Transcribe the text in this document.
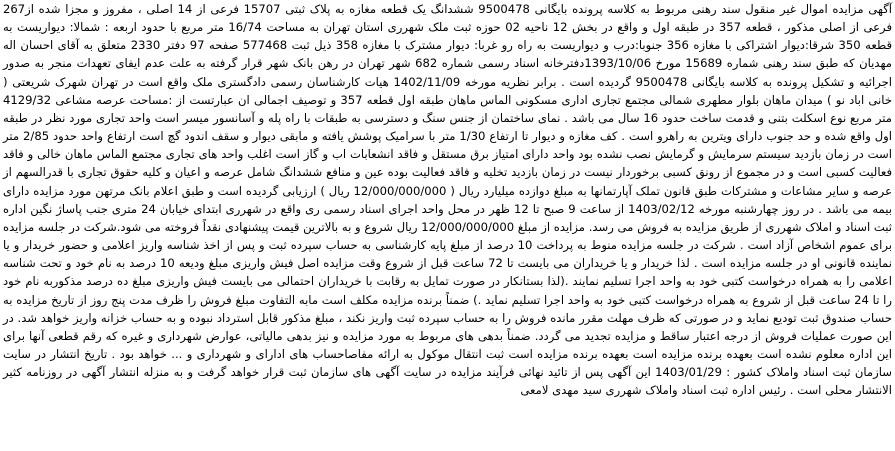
آگهی مزایده اموال غیر منقول سند رهنی مربوط به کلاسه پرونده بایگانی 9500478 ششدانگ یک قطعه مغازه به پلاک ثبتی 15707 فرعی از 14 اصلی ، مفروز و مجزا شده از267 فرعی از اصلی مذکور ، قطعه 357 در طبقه اول و واقع در بخش 12 ناحیه 02 حوزه ثبت ملک شهرری استان تهران به مساحت 16/74 متر مربع با حدود اربعه : شمالا: دیواریست به قطعه 350 شرقا:دیوار اشتراکی با مغازه 356 جنوبا:درب و دیواریست به راه رو غربا: دیوار مشترک با مغازه 358 ذیل ثبت 577468 صفحه 97 دفتر 2330 متعلق به آقای احسان اله مهدیان که طبق سند رهنی شماره 15689 مورخ 1393/10/06دفترخانه اسناد رسمی شماره 682 شهر تهران در رهن بانک شهر قرار گرفته به علت عدم ایفای تعهدات منجر به صدور اجرائیه و تشکیل پرونده به کلاسه بایگانی 9500478 گردیده است . برابر نظریه مورخه 1402/11/09 هیات کارشناسان رسمی دادگستری ملک واقع است در تهران شهرک شریعتی ( خانی اباد نو ) میدان ماهان بلوار مطهری شمالی مجتمع تجاری اداری مسکونی الماس ماهان طبقه اول قطعه 357 و توصیف اجمالی ان عبارتست از :مساحت عرصه مشاعی 4129/32 متر مربع نوع اسکلت بتنی و قدمت ساخت حدود 16 سال می باشد . نمای ساختمان از جنس سنگ و دسترسی به طبقات با راه پله و آسانسور میسر است واحد تجاری مورد نظر در طبقه اول واقع شده و حد جنوب دارای ویترین به راهرو است . کف مغازه و دیوار تا ارتفاع 1/30 متر با سرامیک پوشش یافته و مابقی دیوار و سقف اندود گچ است ارتفاع واحد حدود 2/85 متر است در زمان بازدید سیستم سرمایش و گرمایش نصب نشده بود واحد دارای امتیاز برق مستقل و فاقد انشعابات اب و گاز است اغلب واحد های تجاری مجتمع الماس ماهان خالی و فاقد فعالیت کسبی است و در مجموع از رونق کسبی برخوردار نیست در زمان بازدید تخلیه و فاقد فعالیت بوده عین و منافع ششدانگ شامل عرصه و اعیان و کلیه حقوق تجاری با قدرالسهم از عرصه و سایر مشاعات و مشترکات طبق قانون تملک آپارتمانها به مبلغ دوازده میلیارد ریال ( 12/000/000/000 ریال ) ارزیابی گردیده است و طبق اعلام بانک مرتهن مورد مزایده دارای بیمه می باشد . در روز چهارشنبه مورخه 1403/02/12 از ساعت 9 صبح تا 12 ظهر در محل واحد اجرای اسناد رسمی ری واقع در شهرری ابتدای خیابان 24 متری جنب پاساژ نگین اداره ثبت اسناد و املاک شهرری از طریق مزایده به فروش می رسد. مزایده از مبلغ 12/000/000/000 ریال شروع و به بالاترین قیمت پیشنهادی نقداً فروخته می شود.شرکت در جلسه مزایده برای عموم اشخاص آزاد است . شرکت در جلسه مزایده منوط به پرداخت 10 درصد از مبلغ پایه کارشناسی به حساب سپرده ثبت و پس از اخذ شناسه واریز اعلامی و حضور خریدار و یا نماینده قانونی او در جلسه مزایده است . لذا خریدار و یا خریداران می بایست تا 72 ساعت قبل از شروع وقت مزایده اصل فیش واریزی مبلغ ودیعه 10 درصد به نام خود و تحت شناسه اعلامی را به همراه درخواست کتبی خود به واحد اجرا تسلیم نمایند .(لذا بستانکار در صورت تمایل به رقابت با خریداران احتمالی می بایست فیش واریزی مبلغ ده درصد مذکوربه نام خود را تا 24 ساعت قبل از شروع به همراه درخواست کتبی خود به واحد اجرا تسلیم نماید .) ضمناً برنده مزایده مکلف است مابه التفاوت مبلغ فروش را ظرف مدت پنج روز از تاریخ مزایده به حساب صندوق ثبت تودیع نماید و در صورتی که ظرف مهلت مقرر مانده فروش را به حساب سپرده ثبت واریز نکند ، مبلغ مذکور قابل استرداد نبوده و به حساب خزانه واریز خواهد شد. در این صورت عملیات فروش از درجه اعتبار ساقط و مزایده تجدید می گردد. ضمناً بدهی های مربوط به مورد مزایده و نیز بدهی مالیاتی، عوارض شهرداری و غیره که رقم قطعی آنها برای این اداره معلوم نشده است بعهده برنده مزایده است بعهده برنده مزایده است ثبت انتقال موکول به ارائه مفاصاحساب های ادارای و شهرداری و ... خواهد بود . تاریخ انتشار در سایت سازمان ثبت اسناد واملاک کشور : 1403/01/29 این آگهی پس از تائید نهائی فرآیند مزایده در سایت آگهی های سازمان ثبت قرار خواهد گرفت و به منزله انتشار آگهی در روزنامه کثیر الانتشار محلی است . رئیس اداره ثبت اسناد واملاک شهرری سید مهدی لامعی
